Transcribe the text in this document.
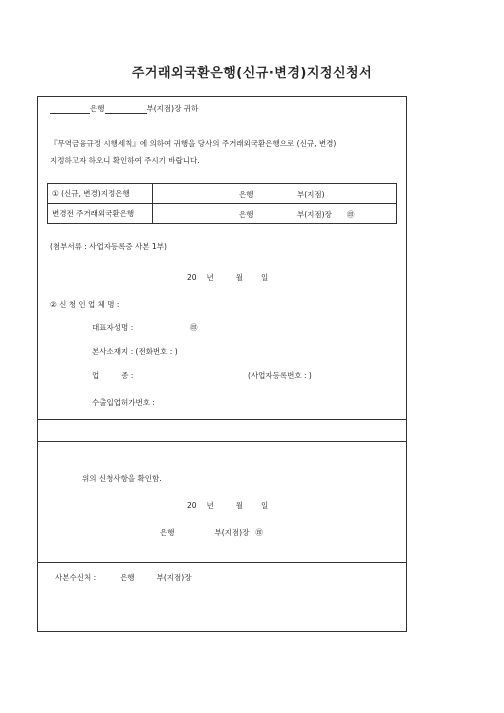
주거래외국환은행(신규·변경)지정신청서
은행	부(지점)장 귀하
『무역금융규정 시행세칙』에 의하여 귀행을 당사의 주거래외국환은행으로 (신규, 변경)
지정하고자 하오니 확인하여 주시기 바랍니다.
① (신규, 변경)지정은행	은행 부(지점)

변경전 주거래외국환은행	은행 부(지점)장 ㊞
(첨부서류 : 사업자등록증 사본 1부)
20 년	월 일
② 신 청 인 업 체 명 :
대표자성명 :	㊞
본사소재지 : (전화번호 : )
업	종 :	(사업자등록번호 : )
수출입업허가번호 :
위의 신청사항을 확인함.
20 년	월 일
은행	부(지점)장 ㊞
사본수신처 :	은행	부(지점)장
